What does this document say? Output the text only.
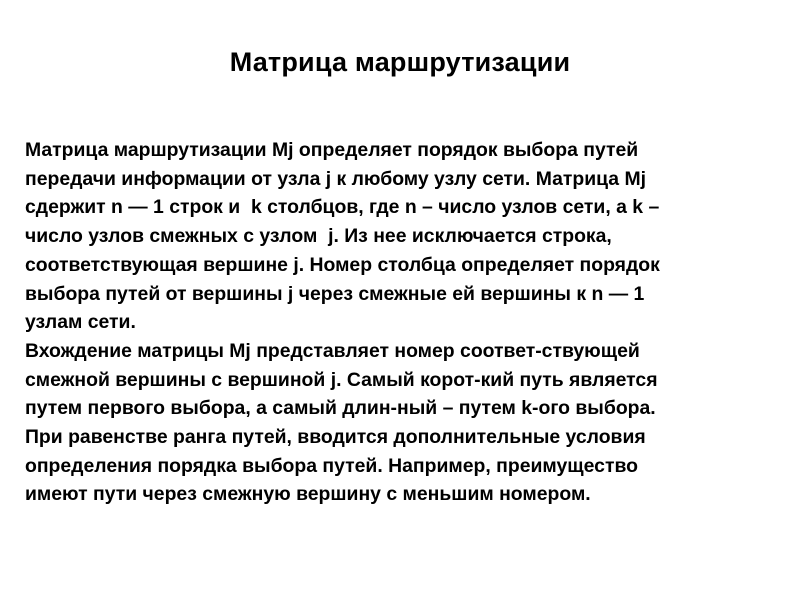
Матрица маршрутизации
Матрица маршрутизации Mj определяет порядок выбора путей
передачи информации от узла j к любому узлу сети. Матрица Mj
сдержит n — 1 строк и  k столбцов, где n – число узлов сети, а k –
число узлов смежных с узлом  j. Из нее исключается строка,
соответствующая вершине j. Номер столбца определяет порядок
выбора путей от вершины j через смежные ей вершины к n — 1
узлам сети.
Вхождение матрицы Mj представляет номер соответ-ствующей
смежной вершины с вершиной j. Самый корот-кий путь является
путем первого выбора, а самый длин-ный – путем k-ого выбора.
При равенстве ранга путей, вводится дополнительные условия
определения порядка выбора путей. Например, преимущество
имеют пути через смежную вершину с меньшим номером.
